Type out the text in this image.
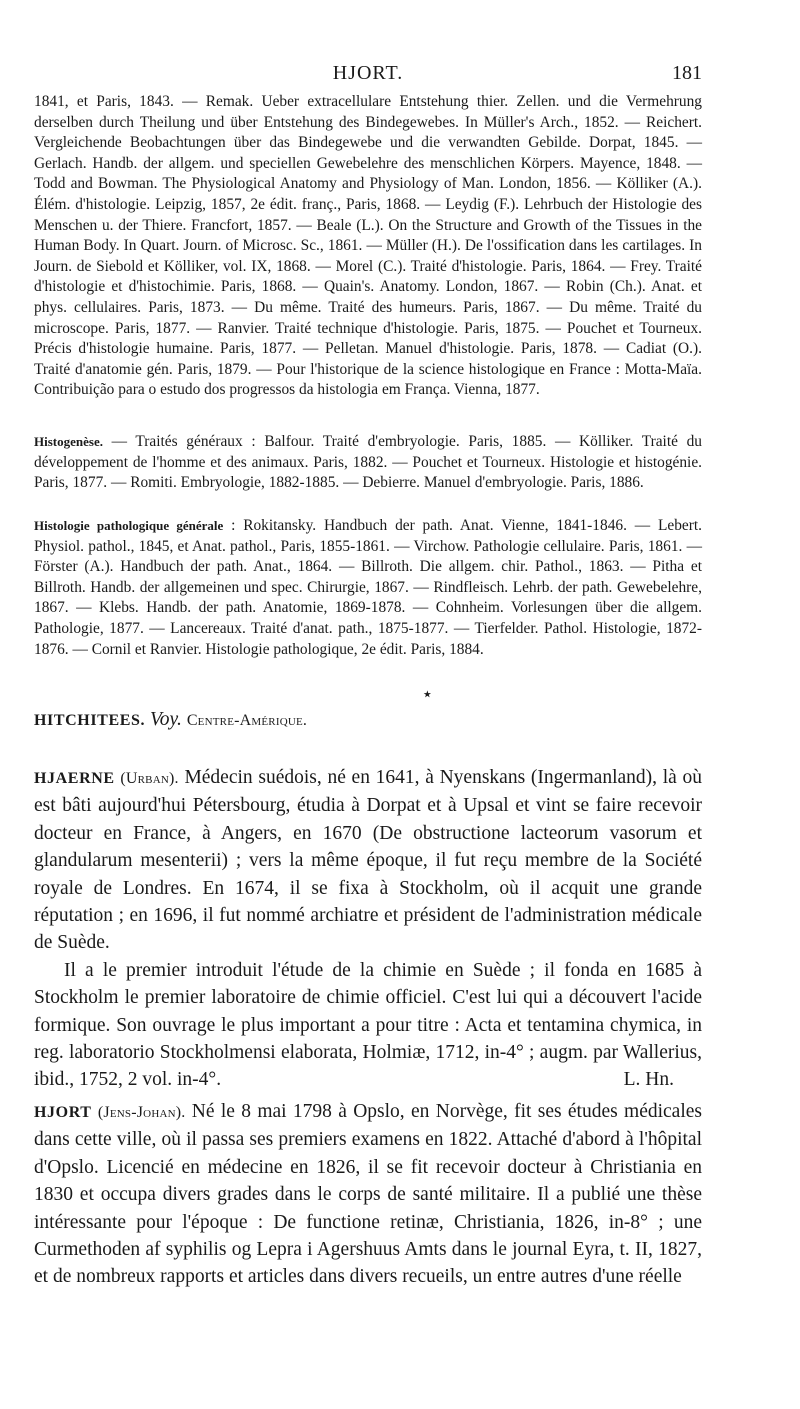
HJORT.	181

1841, et Paris, 1843. — Remak. Ueber extracellulare Entstehung thier. Zellen. und die Vermehrung derselben durch Theilung und über Entstehung des Bindegewebes. In Müller's Arch., 1852. — Reichert. Vergleichende Beobachtungen über das Bindegewebe und die verwandten Gebilde. Dorpat, 1845. — Gerlach. Handb. der allgem. und speciellen Gewebelehre des menschlichen Körpers. Mayence, 1848. — Todd and Bowman. The Physiological Anatomy and Physiology of Man. London, 1856. — Kölliker (A.). Élém. d'histologie. Leipzig, 1857, 2e édit. franç., Paris, 1868. — Leydig (F.). Lehrbuch der Histologie des Menschen u. der Thiere. Francfort, 1857. — Beale (L.). On the Structure and Growth of the Tissues in the Human Body. In Quart. Journ. of Microsc. Sc., 1861. — Müller (H.). De l'ossification dans les cartilages. In Journ. de Siebold et Kölliker, vol. IX, 1868. — Morel (C.). Traité d'histologie. Paris, 1864. — Frey. Traité d'histologie et d'histochimie. Paris, 1868. — Quain's. Anatomy. London, 1867. — Robin (Ch.). Anat. et phys. cellulaires. Paris, 1873. — Du même. Traité des humeurs. Paris, 1867. — Du même. Traité du microscope. Paris, 1877. — Ranvier. Traité technique d'histologie. Paris, 1875. — Pouchet et Tourneux. Précis d'histologie humaine. Paris, 1877. — Pelletan. Manuel d'histologie. Paris, 1878. — Cadiat (O.). Traité d'anatomie gén. Paris, 1879. — Pour l'historique de la science histologique en France : Motta-Maïa. Contribuição para o estudo dos progressos da histologia em França. Vienna, 1877.

Histogenèse. — Traités généraux : Balfour. Traité d'embryologie. Paris, 1885. — Kölliker. Traité du développement de l'homme et des animaux. Paris, 1882. — Pouchet et Tourneux. Histologie et histogénie. Paris, 1877. — Romiti. Embryologie, 1882-1885. — Debierre. Manuel d'embryologie. Paris, 1886.

Histologie pathologique générale : Rokitansky. Handbuch der path. Anat. Vienne, 1841-1846. — Lebert. Physiol. pathol., 1845, et Anat. pathol., Paris, 1855-1861. — Virchow. Pathologie cellulaire. Paris, 1861. — Förster (A.). Handbuch der path. Anat., 1864. — Billroth. Die allgem. chir. Pathol., 1863. — Pitha et Billroth. Handb. der allgemeinen und spec. Chirurgie, 1867. — Rindfleisch. Lehrb. der path. Gewebelehre, 1867. — Klebs. Handb. der path. Anatomie, 1869-1878. — Cohnheim. Vorlesungen über die allgem. Pathologie, 1877. — Lancereaux. Traité d'anat. path., 1875-1877. — Tierfelder. Pathol. Histologie, 1872-1876. — Cornil et Ranvier. Histologie pathologique, 2e édit. Paris, 1884.

٭

HITCHITEES. Voy. Centre-Amérique.

HJAERNE (Urban). Médecin suédois, né en 1641, à Nyenskans (Ingermanland), là où est bâti aujourd'hui Pétersbourg, étudia à Dorpat et à Upsal et vint se faire recevoir docteur en France, à Angers, en 1670 (De obstructione lacteorum vasorum et glandularum mesenterii) ; vers la même époque, il fut reçu membre de la Société royale de Londres. En 1674, il se fixa à Stockholm, où il acquit une grande réputation ; en 1696, il fut nommé archiatre et président de l'administration médicale de Suède.

Il a le premier introduit l'étude de la chimie en Suède ; il fonda en 1685 à Stockholm le premier laboratoire de chimie officiel. C'est lui qui a découvert l'acide formique. Son ouvrage le plus important a pour titre : Acta et tentamina chymica, in reg. laboratorio Stockholmensi elaborata, Holmiæ, 1712, in-4° ; augm. par Wallerius, ibid., 1752, 2 vol. in-4°.	L. Hn.

HJORT (Jens-Johan). Né le 8 mai 1798 à Opslo, en Norvège, fit ses études médicales dans cette ville, où il passa ses premiers examens en 1822. Attaché d'abord à l'hôpital d'Opslo. Licencié en médecine en 1826, il se fit recevoir docteur à Christiania en 1830 et occupa divers grades dans le corps de santé militaire. Il a publié une thèse intéressante pour l'époque : De functione retinæ, Christiania, 1826, in-8° ; une Curmethoden af syphilis og Lepra i Agershuus Amts dans le journal Eyra, t. II, 1827, et de nombreux rapports et articles dans divers recueils, un entre autres d'une réelle
